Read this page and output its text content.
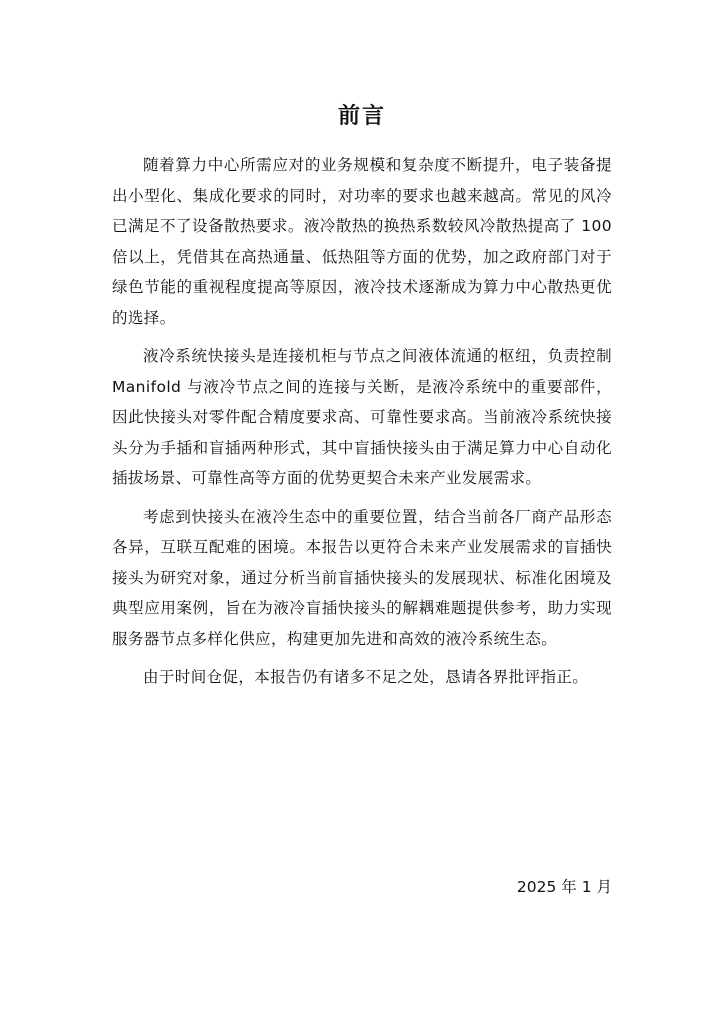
前言

随着算力中心所需应对的业务规模和复杂度不断提升，电子装备提出小型化、集成化要求的同时，对功率的要求也越来越高。常见的风冷已满足不了设备散热要求。液冷散热的换热系数较风冷散热提高了 100 倍以上，凭借其在高热通量、低热阻等方面的优势，加之政府部门对于绿色节能的重视程度提高等原因，液冷技术逐渐成为算力中心散热更优的选择。

液冷系统快接头是连接机柜与节点之间液体流通的枢纽，负责控制 Manifold 与液冷节点之间的连接与关断，是液冷系统中的重要部件，因此快接头对零件配合精度要求高、可靠性要求高。当前液冷系统快接头分为手插和盲插两种形式，其中盲插快接头由于满足算力中心自动化插拔场景、可靠性高等方面的优势更契合未来产业发展需求。

考虑到快接头在液冷生态中的重要位置，结合当前各厂商产品形态各异，互联互配难的困境。本报告以更符合未来产业发展需求的盲插快接头为研究对象，通过分析当前盲插快接头的发展现状、标准化困境及典型应用案例，旨在为液冷盲插快接头的解耦难题提供参考，助力实现服务器节点多样化供应，构建更加先进和高效的液冷系统生态。

由于时间仓促，本报告仍有诸多不足之处，恳请各界批评指正。

2025 年 1 月
